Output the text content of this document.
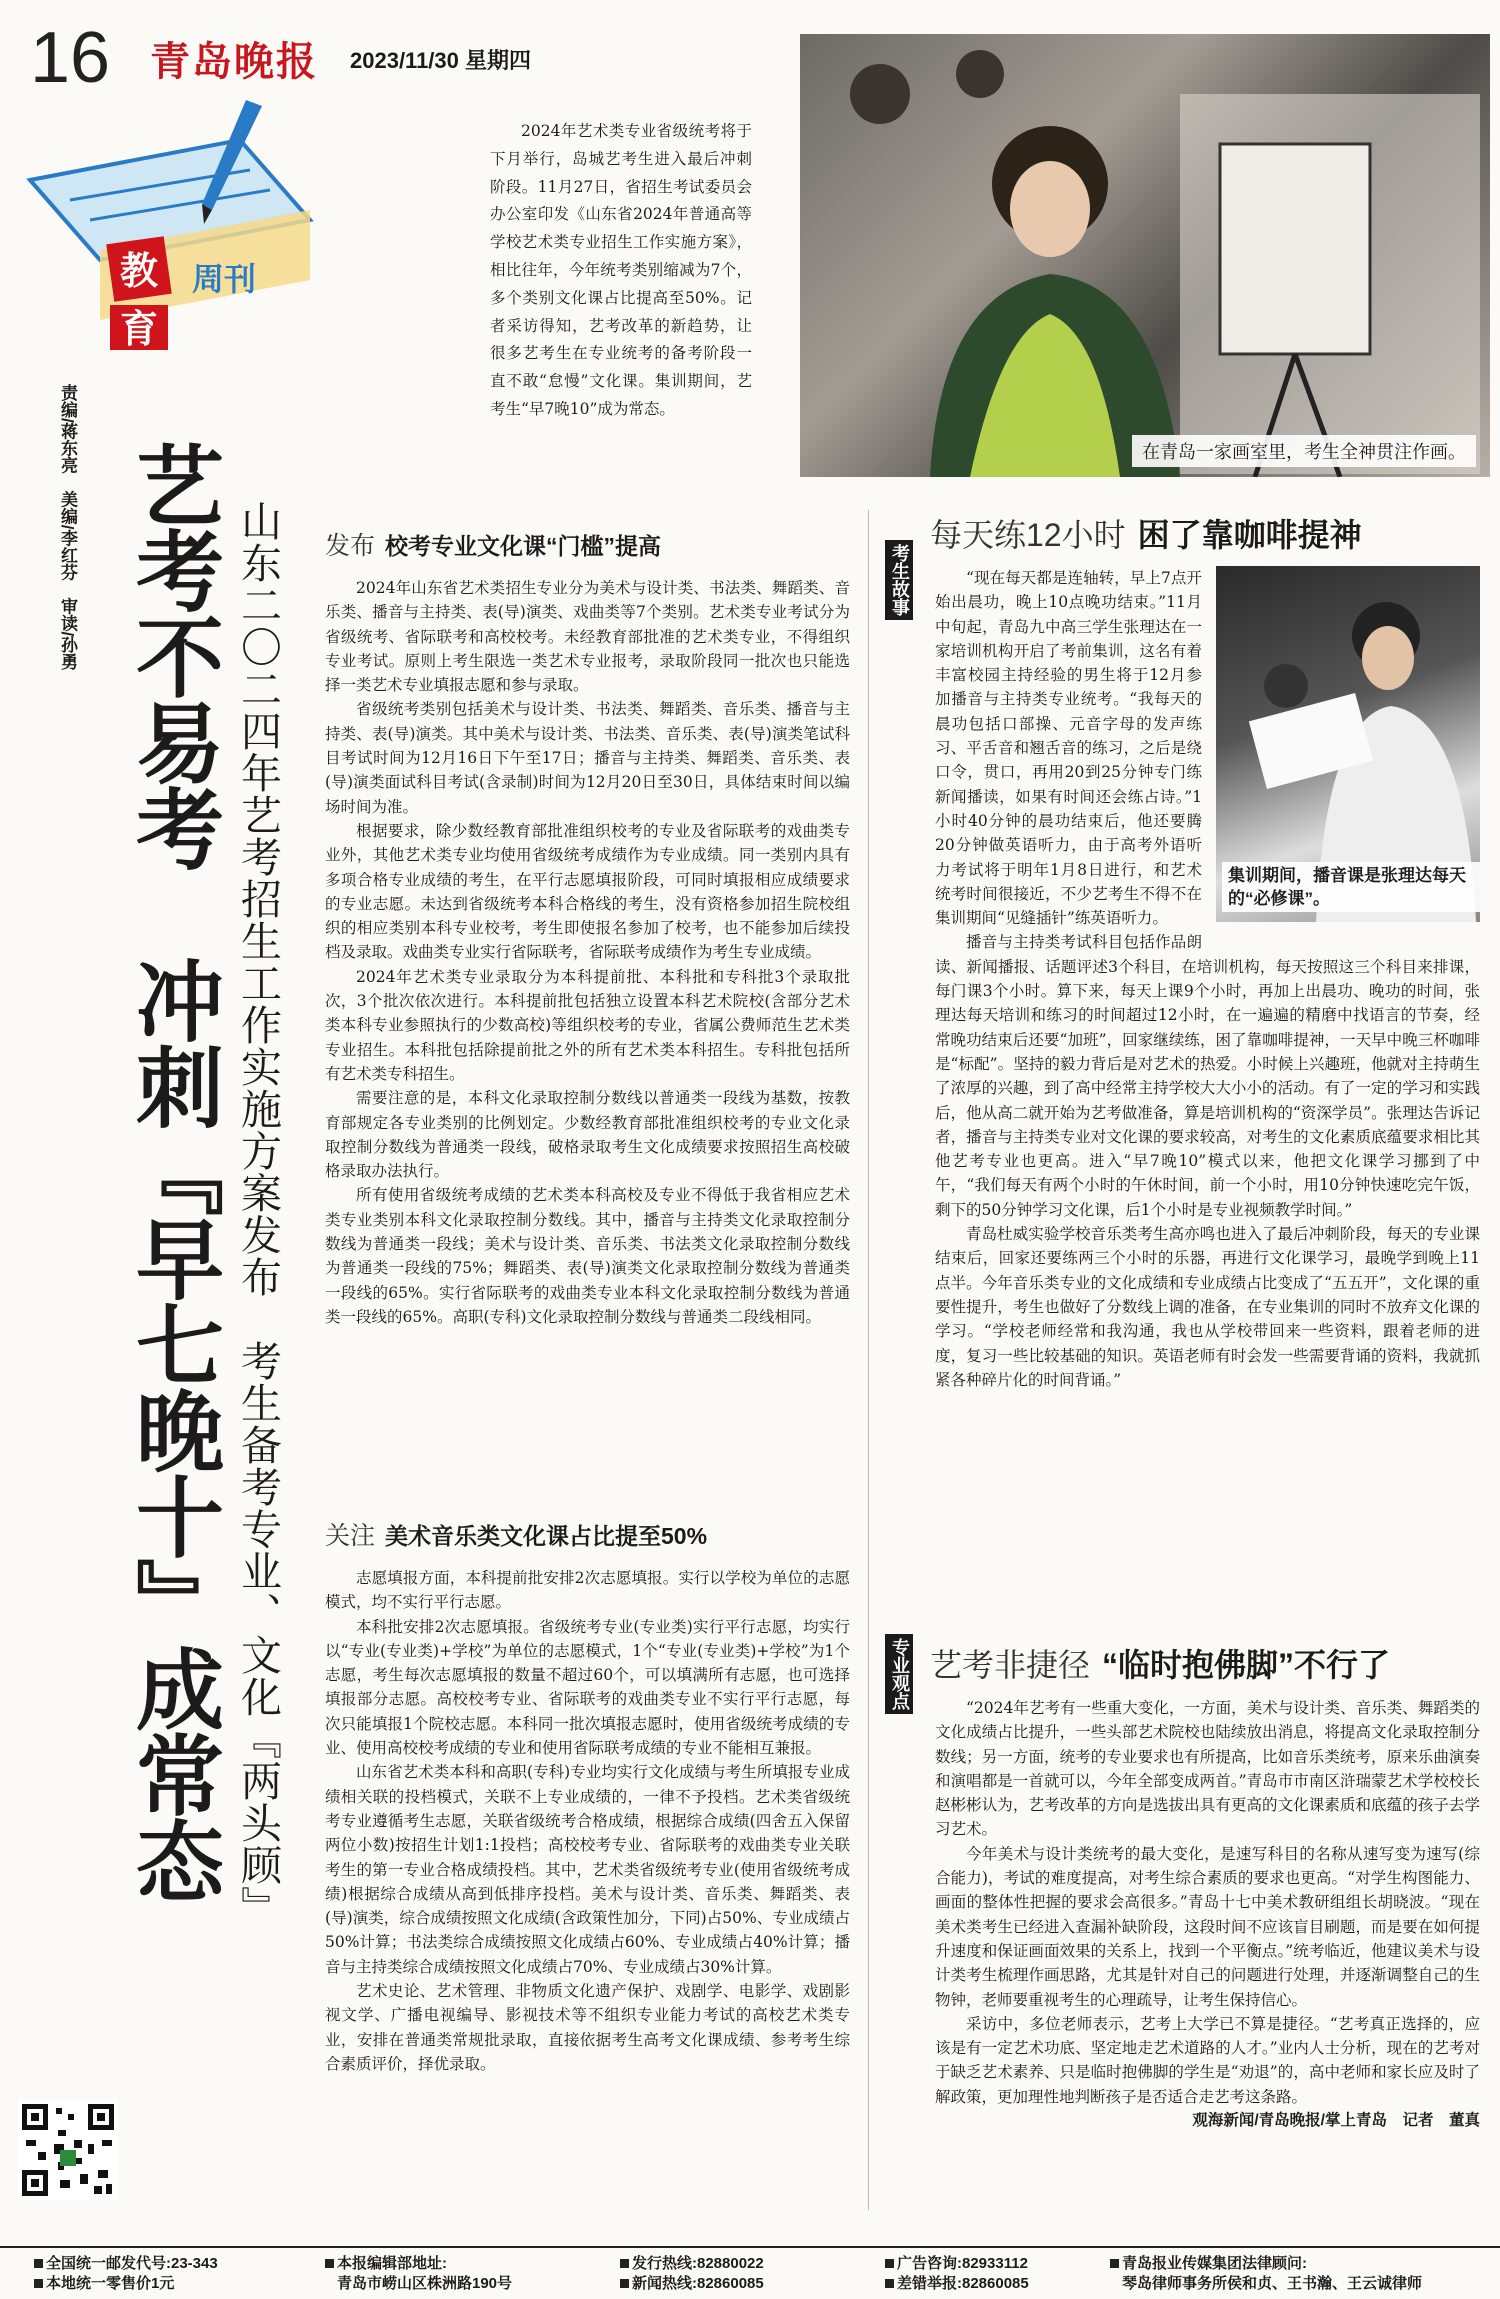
16 青岛晚报 2023/11/30 星期四
教
育
周刊

2024年艺术类专业省级统考将于下月举行，岛城艺考生进入最后冲刺阶段。11月27日，省招生考试委员会办公室印发《山东省2024年普通高等学校艺术类专业招生工作实施方案》，相比往年，今年统考类别缩减为7个，多个类别文化课占比提高至50%。记者采访得知，艺考改革的新趋势，让很多艺考生在专业统考的备考阶段一直不敢“怠慢”文化课。集训期间，艺考生“早7晚10”成为常态。

在青岛一家画室里，考生全神贯注作画。
责编/蒋东亮　美编/李红芬　审读/孙勇 艺考不易考　冲刺『早七晚十』成常态 山东二〇二四年艺考招生工作实施方案发布　考生备考专业、文化『两头顾』 发布 校考专业文化课“门槛”提高

2024年山东省艺术类招生专业分为美术与设计类、书法类、舞蹈类、音乐类、播音与主持类、表(导)演类、戏曲类等7个类别。艺术类专业考试分为省级统考、省际联考和高校校考。未经教育部批准的艺术类专业，不得组织专业考试。原则上考生限选一类艺术专业报考，录取阶段同一批次也只能选择一类艺术专业填报志愿和参与录取。

省级统考类别包括美术与设计类、书法类、舞蹈类、音乐类、播音与主持类、表(导)演类。其中美术与设计类、书法类、音乐类、表(导)演类笔试科目考试时间为12月16日下午至17日；播音与主持类、舞蹈类、音乐类、表(导)演类面试科目考试(含录制)时间为12月20日至30日，具体结束时间以编场时间为准。

根据要求，除少数经教育部批准组织校考的专业及省际联考的戏曲类专业外，其他艺术类专业均使用省级统考成绩作为专业成绩。同一类别内具有多项合格专业成绩的考生，在平行志愿填报阶段，可同时填报相应成绩要求的专业志愿。未达到省级统考本科合格线的考生，没有资格参加招生院校组织的相应类别本科专业校考，考生即使报名参加了校考，也不能参加后续投档及录取。戏曲类专业实行省际联考，省际联考成绩作为考生专业成绩。

2024年艺术类专业录取分为本科提前批、本科批和专科批3个录取批次，3个批次依次进行。本科提前批包括独立设置本科艺术院校(含部分艺术类本科专业参照执行的少数高校)等组织校考的专业，省属公费师范生艺术类专业招生。本科批包括除提前批之外的所有艺术类本科招生。专科批包括所有艺术类专科招生。

需要注意的是，本科文化录取控制分数线以普通类一段线为基数，按教育部规定各专业类别的比例划定。少数经教育部批准组织校考的专业文化录取控制分数线为普通类一段线，破格录取考生文化成绩要求按照招生高校破格录取办法执行。

所有使用省级统考成绩的艺术类本科高校及专业不得低于我省相应艺术类专业类别本科文化录取控制分数线。其中，播音与主持类文化录取控制分数线为普通类一段线；美术与设计类、音乐类、书法类文化录取控制分数线为普通类一段线的75%；舞蹈类、表(导)演类文化录取控制分数线为普通类一段线的65%。实行省际联考的戏曲类专业本科文化录取控制分数线为普通类一段线的65%。高职(专科)文化录取控制分数线与普通类二段线相同。

关注 美术音乐类文化课占比提至50%

志愿填报方面，本科提前批安排2次志愿填报。实行以学校为单位的志愿模式，均不实行平行志愿。

本科批安排2次志愿填报。省级统考专业(专业类)实行平行志愿，均实行以“专业(专业类)+学校”为单位的志愿模式，1个“专业(专业类)+学校”为1个志愿，考生每次志愿填报的数量不超过60个，可以填满所有志愿，也可选择填报部分志愿。高校校考专业、省际联考的戏曲类专业不实行平行志愿，每次只能填报1个院校志愿。本科同一批次填报志愿时，使用省级统考成绩的专业、使用高校校考成绩的专业和使用省际联考成绩的专业不能相互兼报。

山东省艺术类本科和高职(专科)专业均实行文化成绩与考生所填报专业成绩相关联的投档模式，关联不上专业成绩的，一律不予投档。艺术类省级统考专业遵循考生志愿，关联省级统考合格成绩，根据综合成绩(四舍五入保留两位小数)按招生计划1:1投档；高校校考专业、省际联考的戏曲类专业关联考生的第一专业合格成绩投档。其中，艺术类省级统考专业(使用省级统考成绩)根据综合成绩从高到低排序投档。美术与设计类、音乐类、舞蹈类、表(导)演类，综合成绩按照文化成绩(含政策性加分，下同)占50%、专业成绩占50%计算；书法类综合成绩按照文化成绩占60%、专业成绩占40%计算；播音与主持类综合成绩按照文化成绩占70%、专业成绩占30%计算。

艺术史论、艺术管理、非物质文化遗产保护、戏剧学、电影学、戏剧影视文学、广播电视编导、影视技术等不组织专业能力考试的高校艺术类专业，安排在普通类常规批录取，直接依据考生高考文化课成绩、参考考生综合素质评价，择优录取。

考生故事
每天练12小时 困了靠咖啡提神

“现在每天都是连轴转，早上7点开始出晨功，晚上10点晚功结束。”11月中旬起，青岛九中高三学生张理达在一家培训机构开启了考前集训，这名有着丰富校园主持经验的男生将于12月参加播音与主持类专业统考。“我每天的晨功包括口部操、元音字母的发声练习、平舌音和翘舌音的练习，之后是绕口令，贯口，再用20到25分钟专门练新闻播读，如果有时间还会练占诗。”1小时40分钟的晨功结束后，他还要腾20分钟做英语听力，由于高考外语听力考试将于明年1月8日进行，和艺术统考时间很接近，不少艺考生不得不在集训期间“见缝插针”练英语听力。

播音与主持类考试科目包括作品朗读、新闻播报、话题评述3个科目，在培训机构，每天按照这三个科目来排课，每门课3个小时。算下来，每天上课9个小时，再加上出晨功、晚功的时间，张理达每天培训和练习的时间超过12小时，在一遍遍的精磨中找语言的节奏，经常晚功结束后还要“加班”，回家继续练，困了靠咖啡提神，一天早中晚三杯咖啡是“标配”。坚持的毅力背后是对艺术的热爱。小时候上兴趣班，他就对主持萌生了浓厚的兴趣，到了高中经常主持学校大大小小的活动。有了一定的学习和实践后，他从高二就开始为艺考做准备，算是培训机构的“资深学员”。张理达告诉记者，播音与主持类专业对文化课的要求较高，对考生的文化素质底蕴要求相比其他艺考专业也更高。进入“早7晚10”模式以来，他把文化课学习挪到了中午，“我们每天有两个小时的午休时间，前一个小时，用10分钟快速吃完午饭，剩下的50分钟学习文化课，后1个小时是专业视频教学时间。”

青岛杜威实验学校音乐类考生高亦鸣也进入了最后冲刺阶段，每天的专业课结束后，回家还要练两三个小时的乐器，再进行文化课学习，最晚学到晚上11点半。今年音乐类专业的文化成绩和专业成绩占比变成了“五五开”，文化课的重要性提升，考生也做好了分数线上调的准备，在专业集训的同时不放弃文化课的学习。“学校老师经常和我沟通，我也从学校带回来一些资料，跟着老师的进度，复习一些比较基础的知识。英语老师有时会发一些需要背诵的资料，我就抓紧各种碎片化的时间背诵。”

集训期间，播音课是张理达每天的“必修课”。
专业观点 艺考非捷径 “临时抱佛脚”不行了

“2024年艺考有一些重大变化，一方面，美术与设计类、音乐类、舞蹈类的文化成绩占比提升，一些头部艺术院校也陆续放出消息，将提高文化录取控制分数线；另一方面，统考的专业要求也有所提高，比如音乐类统考，原来乐曲演奏和演唱都是一首就可以，今年全部变成两首。”青岛市市南区浒瑞蒙艺术学校校长赵彬彬认为，艺考改革的方向是选拔出具有更高的文化课素质和底蕴的孩子去学习艺术。

今年美术与设计类统考的最大变化，是速写科目的名称从速写变为速写(综合能力)，考试的难度提高，对考生综合素质的要求也更高。“对学生构图能力、画面的整体性把握的要求会高很多。”青岛十七中美术教研组组长胡晓波。“现在美术类考生已经进入查漏补缺阶段，这段时间不应该盲目刷题，而是要在如何提升速度和保证画面效果的关系上，找到一个平衡点。”统考临近，他建议美术与设计类考生梳理作画思路，尤其是针对自己的问题进行处理，并逐渐调整自己的生物钟，老师要重视考生的心理疏导，让考生保持信心。

采访中，多位老师表示，艺考上大学已不算是捷径。“艺考真正选择的，应该是有一定艺术功底、坚定地走艺术道路的人才。”业内人士分析，现在的艺考对于缺乏艺术素养、只是临时抱佛脚的学生是“劝退”的，高中老师和家长应及时了解政策，更加理性地判断孩子是否适合走艺考这条路。

观海新闻/青岛晚报/掌上青岛　记者　董真

全国统一邮发代号:23-343
本地统一零售价1元
本报编辑部地址:
青岛市崂山区株洲路190号
发行热线:82880022
新闻热线:82860085
广告咨询:82933112
差错举报:82860085
青岛报业传媒集团法律顾问:
琴岛律师事务所侯和贞、王书瀚、王云诚律师
